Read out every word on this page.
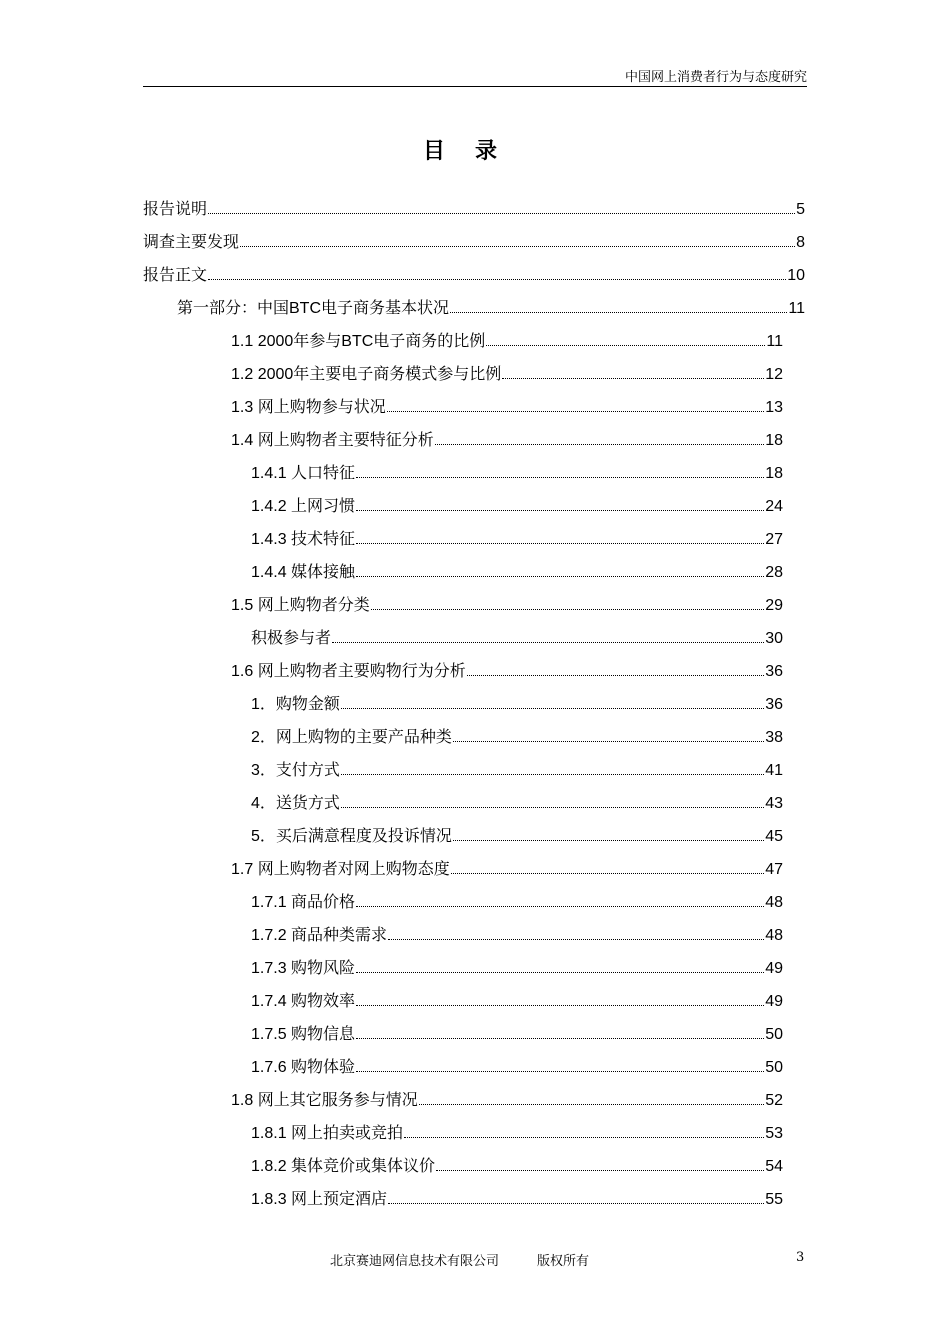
中国网上消费者行为与态度研究
目录
报告说明	5
调查主要发现	8
报告正文	10
第一部分：中国BTC电子商务基本状况	11
1.1 2000年参与BTC电子商务的比例	11
1.2 2000年主要电子商务模式参与比例	12
1.3 网上购物参与状况	13
1.4 网上购物者主要特征分析	18
1.4.1 人口特征	18
1.4.2 上网习惯	24
1.4.3 技术特征	27
1.4.4 媒体接触	28
1.5 网上购物者分类	29
积极参与者	30
1.6 网上购物者主要购物行为分析	36
1．购物金额	36
2．网上购物的主要产品种类	38
3．支付方式	41
4．送货方式	43
5．买后满意程度及投诉情况	45
1.7 网上购物者对网上购物态度	47
1.7.1 商品价格	48
1.7.2 商品种类需求	48
1.7.3 购物风险	49
1.7.4 购物效率	49
1.7.5 购物信息	50
1.7.6 购物体验	50
1.8 网上其它服务参与情况	52
1.8.1 网上拍卖或竞拍	53
1.8.2 集体竞价或集体议价	54
1.8.3 网上预定酒店	55
北京赛迪网信息技术有限公司	版权所有	3
